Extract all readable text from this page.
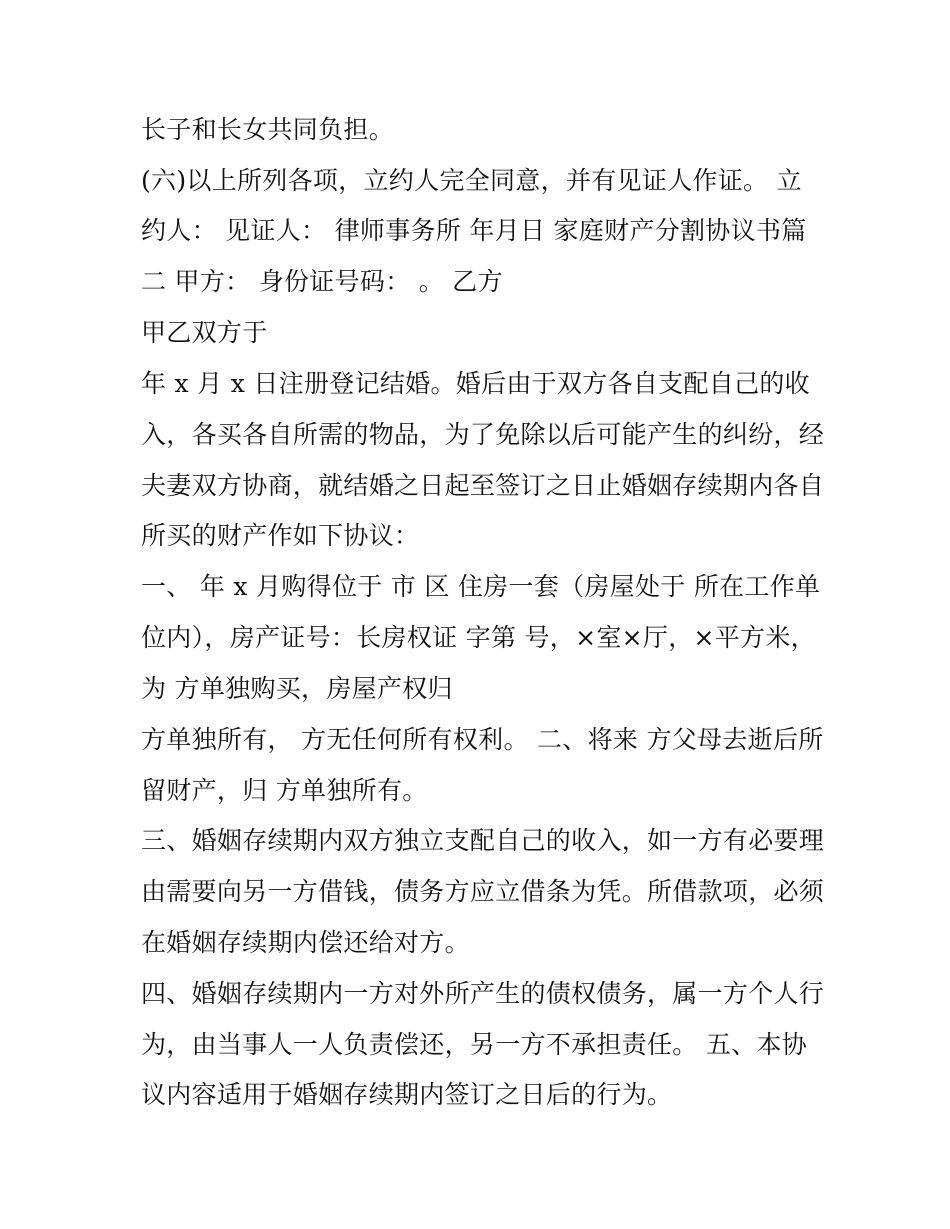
长子和长女共同负担。
(六)以上所列各项，立约人完全同意，并有见证人作证。 立
约人： 见证人： 律师事务所 年月日 家庭财产分割协议书篇
二 甲方： 身份证号码： 。 乙方
甲乙双方于
年 x 月 x 日注册登记结婚。婚后由于双方各自支配自己的收
入，各买各自所需的物品，为了免除以后可能产生的纠纷，经
夫妻双方协商，就结婚之日起至签订之日止婚姻存续期内各自
所买的财产作如下协议：
一、 年 x 月购得位于 市 区 住房一套（房屋处于 所在工作单
位内），房产证号：长房权证 字第 号，×室×厅，×平方米，
为 方单独购买，房屋产权归
方单独所有， 方无任何所有权利。 二、将来 方父母去逝后所
留财产，归 方单独所有。
三、婚姻存续期内双方独立支配自己的收入，如一方有必要理
由需要向另一方借钱，债务方应立借条为凭。所借款项，必须
在婚姻存续期内偿还给对方。
四、婚姻存续期内一方对外所产生的债权债务，属一方个人行
为，由当事人一人负责偿还，另一方不承担责任。 五、本协
议内容适用于婚姻存续期内签订之日后的行为。
